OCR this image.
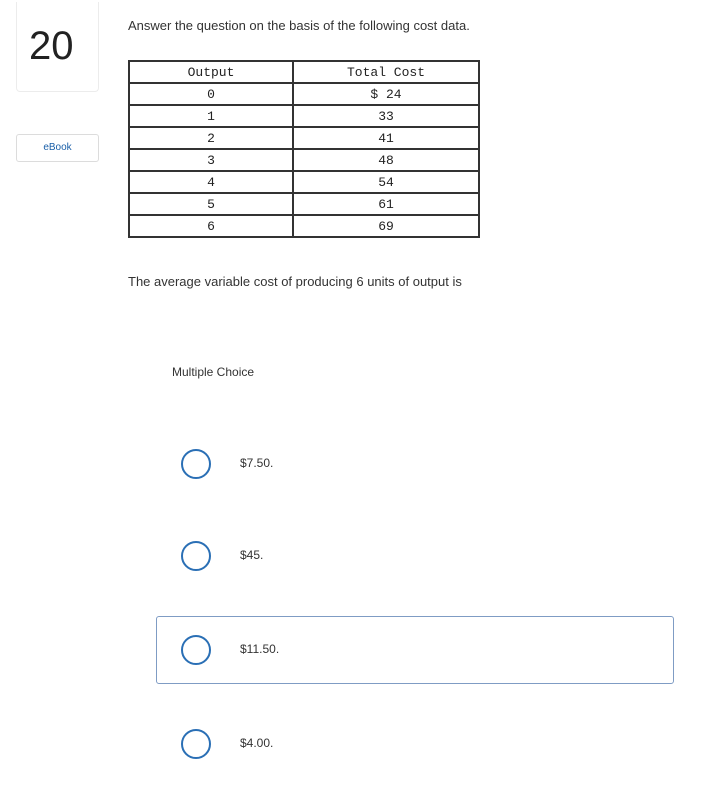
20
eBook
Answer the question on the basis of the following cost data.
Output	Total Cost
0	$ 24
1	33
2	41
3	48
4	54
5	61
6	69
The average variable cost of producing 6 units of output is
Multiple Choice
$7.50.
$45.
$11.50.
$4.00.
